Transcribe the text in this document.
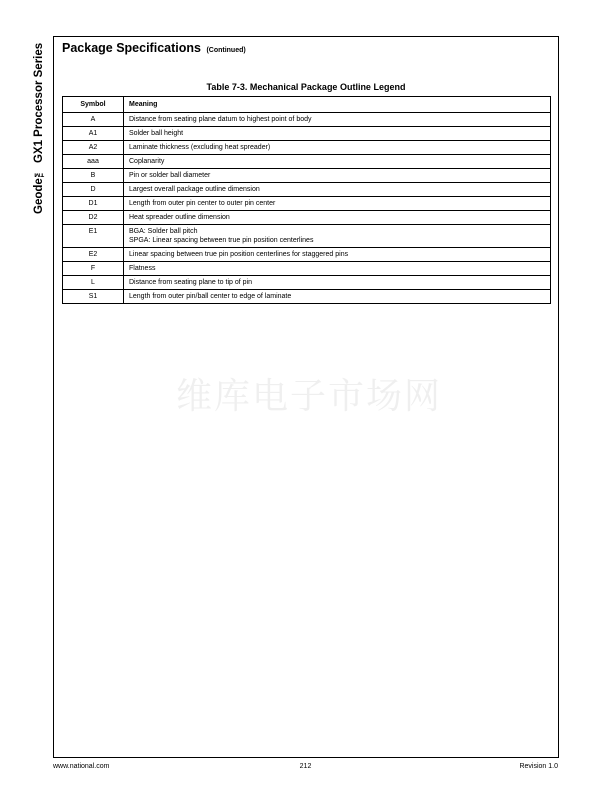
Geode™ GX1 Processor Series	Package Specifications (Continued)
Table 7-3. Mechanical Package Outline Legend
Symbol	Meaning
A	Distance from seating plane datum to highest point of body
A1	Solder ball height
A2	Laminate thickness (excluding heat spreader)
aaa	Coplanarity
B	Pin or solder ball diameter
D	Largest overall package outline dimension
D1	Length from outer pin center to outer pin center
D2	Heat spreader outline dimension
E1	BGA: Solder ball pitch
SPGA: Linear spacing between true pin position centerlines

E2	Linear spacing between true pin position centerlines for staggered pins
F	Flatness
L	Distance from seating plane to tip of pin
S1	Length from outer pin/ball center to edge of laminate
维库电子市场网
www.national.com	212	Revision 1.0
